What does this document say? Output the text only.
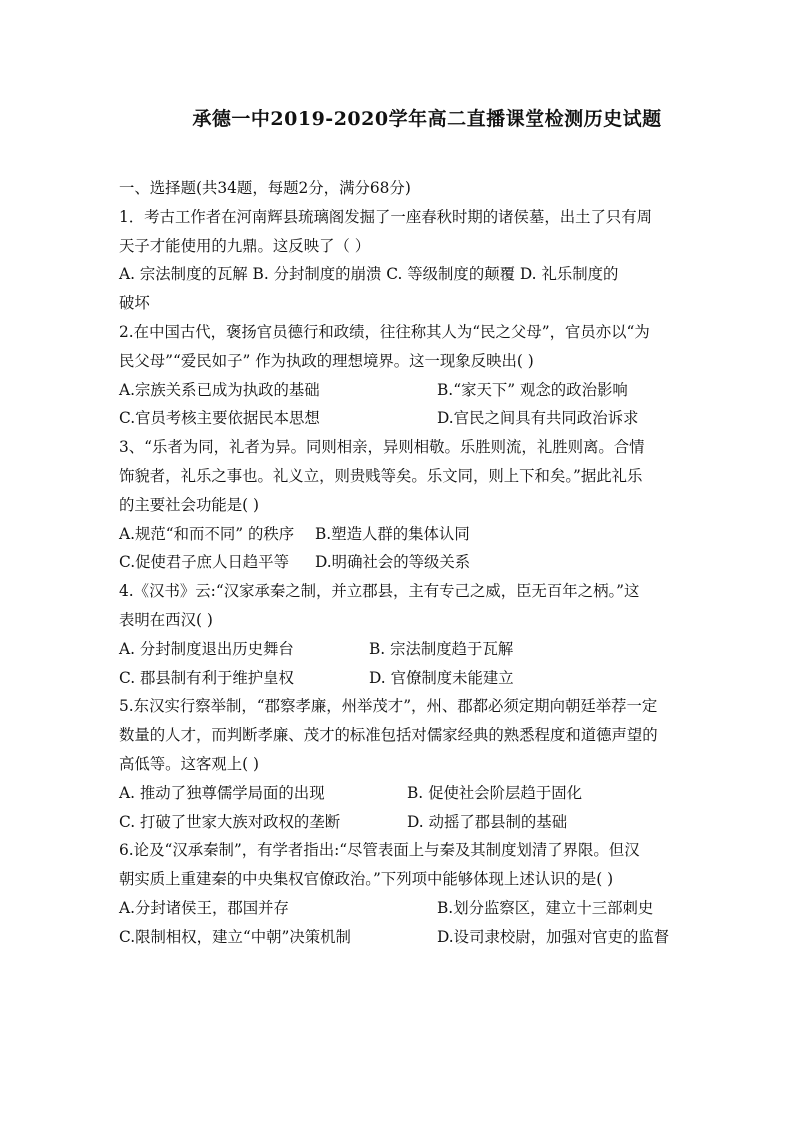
承德一中2019-2020学年高二直播课堂检测历史试题
一、选择题(共34题，每题2分，满分68分)
1．考古工作者在河南辉县琉璃阁发掘了一座春秋时期的诸侯墓，出土了只有周
天子才能使用的九鼎。这反映了（ ）
A. 宗法制度的瓦解 B. 分封制度的崩溃 C. 等级制度的颠覆 D. 礼乐制度的
破坏
2.在中国古代，褒扬官员德行和政绩，往往称其人为“民之父母”，官员亦以“为
民父母”“爱民如子” 作为执政的理想境界。这一现象反映出( )
A.宗族关系已成为执政的基础	B.“家天下” 观念的政治影响
C.官员考核主要依据民本思想	D.官民之间具有共同政治诉求
3、“乐者为同，礼者为异。同则相亲，异则相敬。乐胜则流，礼胜则离。合情
饰貌者，礼乐之事也。礼义立，则贵贱等矣。乐文同，则上下和矣。”据此礼乐
的主要社会功能是( )
A.规范“和而不同” 的秩序	B.塑造人群的集体认同
C.促使君子庶人日趋平等	D.明确社会的等级关系
4.《汉书》云:“汉家承秦之制，并立郡县，主有专己之威，臣无百年之柄。”这
表明在西汉( )
A. 分封制度退出历史舞台	B. 宗法制度趋于瓦解
C. 郡县制有利于维护皇权	D. 官僚制度未能建立
5.东汉实行察举制，“郡察孝廉，州举茂才”，州、郡都必须定期向朝廷举荐一定
数量的人才，而判断孝廉、茂才的标准包括对儒家经典的熟悉程度和道德声望的
高低等。这客观上( )
A. 推动了独尊儒学局面的出现	B. 促使社会阶层趋于固化
C. 打破了世家大族对政权的垄断	D. 动摇了郡县制的基础
6.论及“汉承秦制”，有学者指出:“尽管表面上与秦及其制度划清了界限。但汉
朝实质上重建秦的中央集权官僚政治。”下列项中能够体现上述认识的是( )
A.分封诸侯王，郡国并存	B.划分监察区，建立十三部刺史
C.限制相权，建立“中朝”决策机制	D.设司隶校尉，加强对官吏的监督
